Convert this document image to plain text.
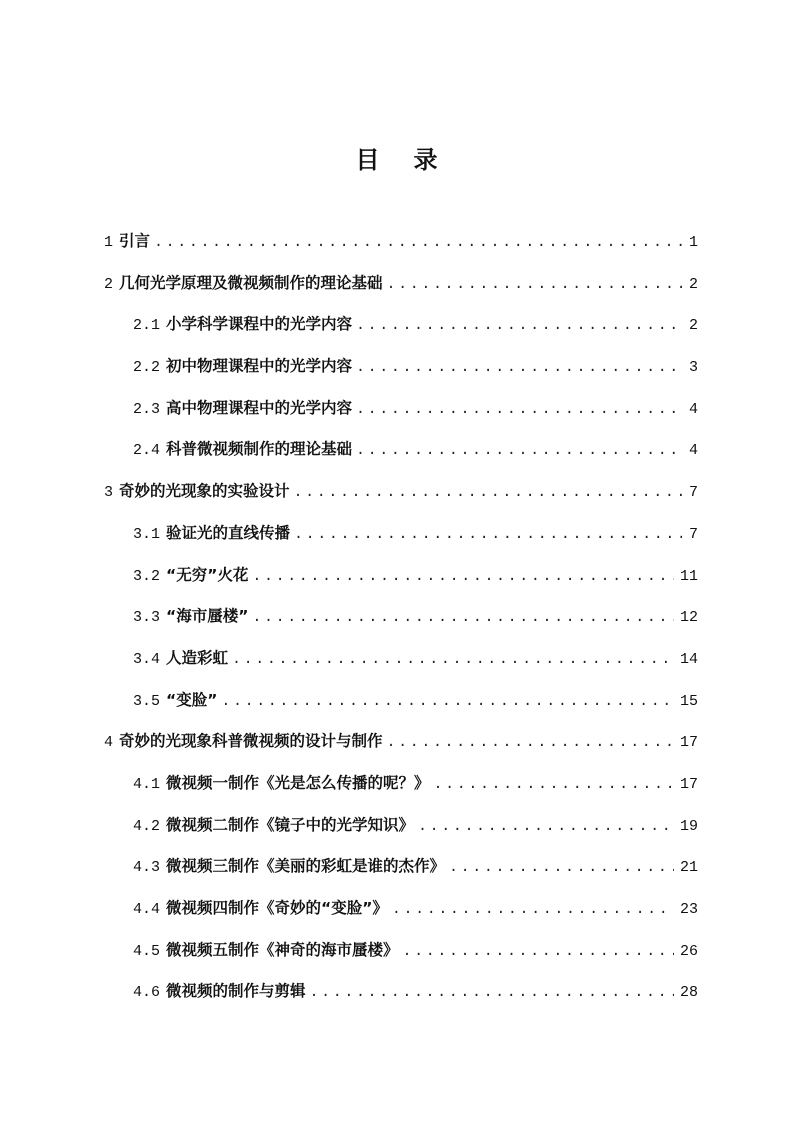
目录
1 引言 . . .	1
2 几何光学原理及微视频制作的理论基础 . . .	2
2.1 小学科学课程中的光学内容 . . .	2
2.2 初中物理课程中的光学内容 . . .	3
2.3 高中物理课程中的光学内容 . . .	4
2.4 科普微视频制作的理论基础 . . .	4
3 奇妙的光现象的实验设计 . . .	7
3.1 验证光的直线传播 . . .	7
3.2 “无穷”火花 . . .	11
3.3 “海市蜃楼” . . .	12
3.4 人造彩虹 . . .	14
3.5 “变脸” . . .	15
4 奇妙的光现象科普微视频的设计与制作 . . .	17
4.1 微视频一制作《光是怎么传播的呢？》 . . .	17
4.2 微视频二制作《镜子中的光学知识》 . . .	19
4.3 微视频三制作《美丽的彩虹是谁的杰作》 . . .	21
4.4 微视频四制作《奇妙的“变脸”》 . . .	23
4.5 微视频五制作《神奇的海市蜃楼》 . . .	26
4.6 微视频的制作与剪辑 . . .	28
